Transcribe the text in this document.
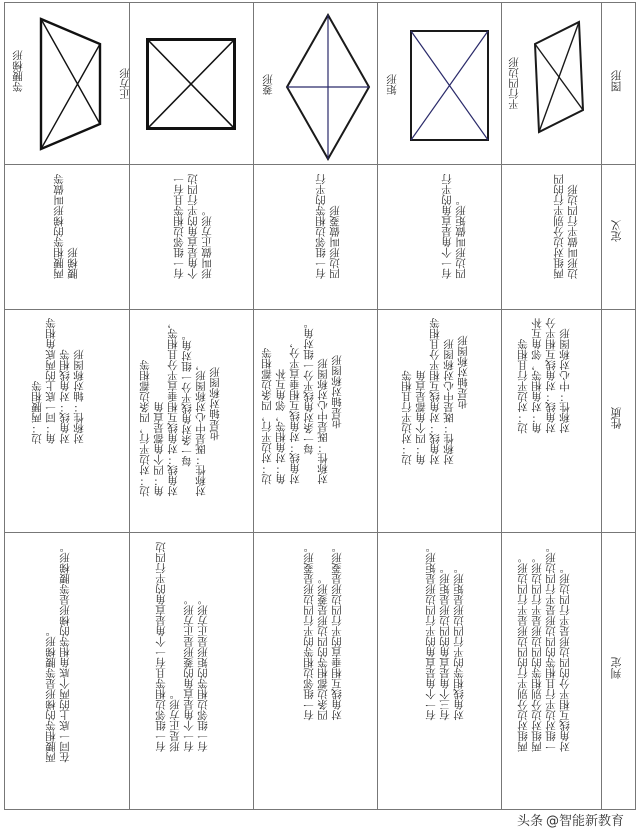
图形
定义
性质
判定
平行四边形
两组对边分别平行的四 边形叫做平行四边形
边：对边平行且相等 角：对角相等，邻角互补 对角线：对角线互相平分 对称性：中心对称图形
两组对边分别平行的四边形是平行四边形。 两组对边分别相等的四边形是平行四边形。 一组对边平行且相等的四边形是平行四边形。 对角线互相平分的四边形是平行四边形。
矩形
有一个角是直角的平行 四边形叫做矩形。
边：对边平行且相等 角：四个角都是直角 对角线：对角线互相平分且相等 对称性：既是中心对称图形 也是轴对称图形
有一个角是直角的平行四边形是矩形。 有三个角是直角的四边形是矩形。 对角线相等的平行四边形是矩形。
菱形
有一组邻边相等的平行 四边形叫做菱形
边：对边平行，四条边都相等 角：对角相等，邻角互补 对角线：对角线互相垂直平分， 每一条对角线平分一组对角。 对称性：既是中心对称图形 也是轴对称图形
有一组邻边相等的平行四边形是菱形。 四条边都相等的四边形是菱形。 对角线互相垂直的平行四边形是菱形。
正方形
有一组邻边相等且有一 个角是直角的平行四边 形叫做正方形。
边：对边平行，四条边都相等 角：四个角都是直角 对角线：对角线互相垂直平分且相等， 每一条对角线平分一组对角。 对称性：既是中心对称图形， 也是轴对称图形
有一组邻边相等且有一个角是直角的平行四边 形是正方形。 有一个角是直角的菱形是正方形。 有一组邻边相等的矩形是正方形。
等腰梯形
两腰相等的梯形叫做等 腰梯形
边：两腰相等 角：同一底上的两底角相等 对角线：对角线相等 对称性：轴对称图形
两腰相等的梯形是等腰梯形。 在同一底上的两个底角相等的梯形是等腰梯形。
头条 @智能新教育
